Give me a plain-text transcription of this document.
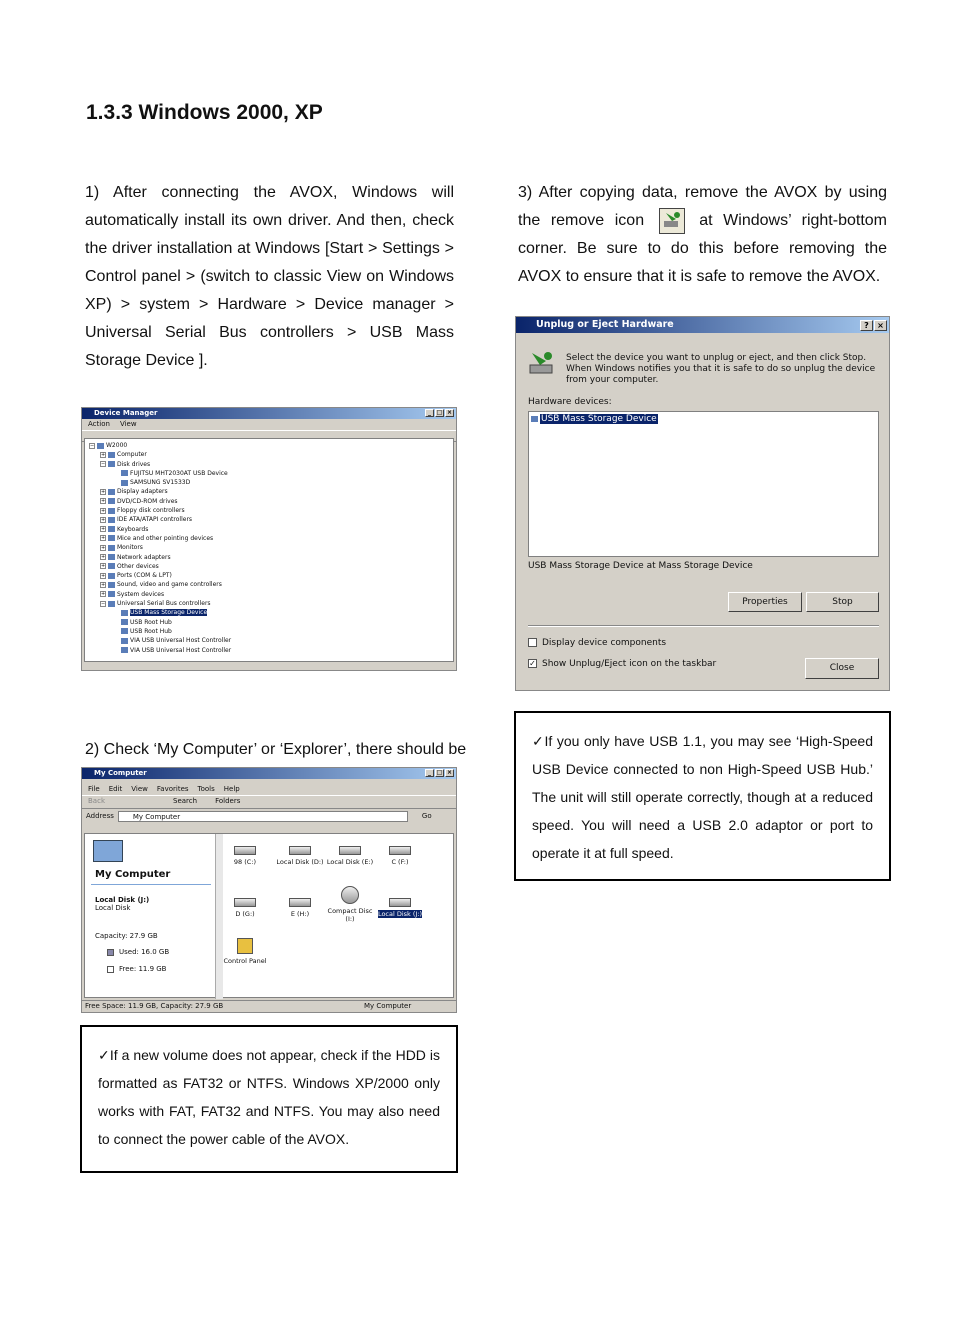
1.3.3 Windows 2000, XP
1) After connecting the AVOX, Windows will automatically install its own driver. And then, check the driver installation at Windows [Start > Settings > Control panel > (switch to classic View on Windows XP) > system > Hardware > Device manager > Universal Serial Bus controllers > USB Mass Storage Device ].
3) After copying data, remove the AVOX by using the remove icon	at Windows’ right-bottom corner. Be sure to do this before removing the AVOX to ensure that it is safe to remove the AVOX.
2) Check ‘My Computer’ or ‘Explorer’, there should be
Device Manager	_ □ ×
Action View
− W2000
+ Computer
− Disk drives
FUJITSU MHT2030AT USB Device
SAMSUNG SV1533D
+ Display adapters
+ DVD/CD-ROM drives
+ Floppy disk controllers
+ IDE ATA/ATAPI controllers
+ Keyboards
+ Mice and other pointing devices
+ Monitors
+ Network adapters
+ Other devices
+ Ports (COM & LPT)
+ Sound, video and game controllers
+ System devices
− Universal Serial Bus controllers
USB Mass Storage Device
USB Root Hub
USB Root Hub
VIA USB Universal Host Controller
VIA USB Universal Host Controller
My Computer	_ □ ×
File Edit View Favorites Tools Help
Back	Search	Folders
Address	My Computer	Go
My Computer
Local Disk (J:)
Local Disk
Capacity: 27.9 GB
Used: 16.0 GB
Free: 11.9 GB
98 (C:)	Local Disk (D:) Local Disk (E:)	C (F:)
D (G:)	E (H:)	Compact Disc (I:)
Local Disk (J:)
Control Panel
Free Space: 11.9 GB, Capacity: 27.9 GB	My Computer
Unplug or Eject Hardware	?	×
Select the device you want to unplug or eject, and then click Stop. When Windows notifies you that it is safe to do so unplug the device from your computer.
Hardware devices:
USB Mass Storage Device
USB Mass Storage Device at Mass Storage Device
Properties	Stop
Display device components
✓ Show Unplug/Eject icon on the taskbar	Close
✓If a new volume does not appear, check if the HDD is formatted as FAT32 or NTFS. Windows XP/2000 only works with FAT, FAT32 and NTFS. You may also need to connect the power cable of the AVOX.
✓If you only have USB 1.1, you may see ‘High-Speed USB Device connected to non High-Speed USB Hub.’ The unit will still operate correctly, though at a reduced speed. You will need a USB 2.0 adaptor or port to operate it at full speed.
